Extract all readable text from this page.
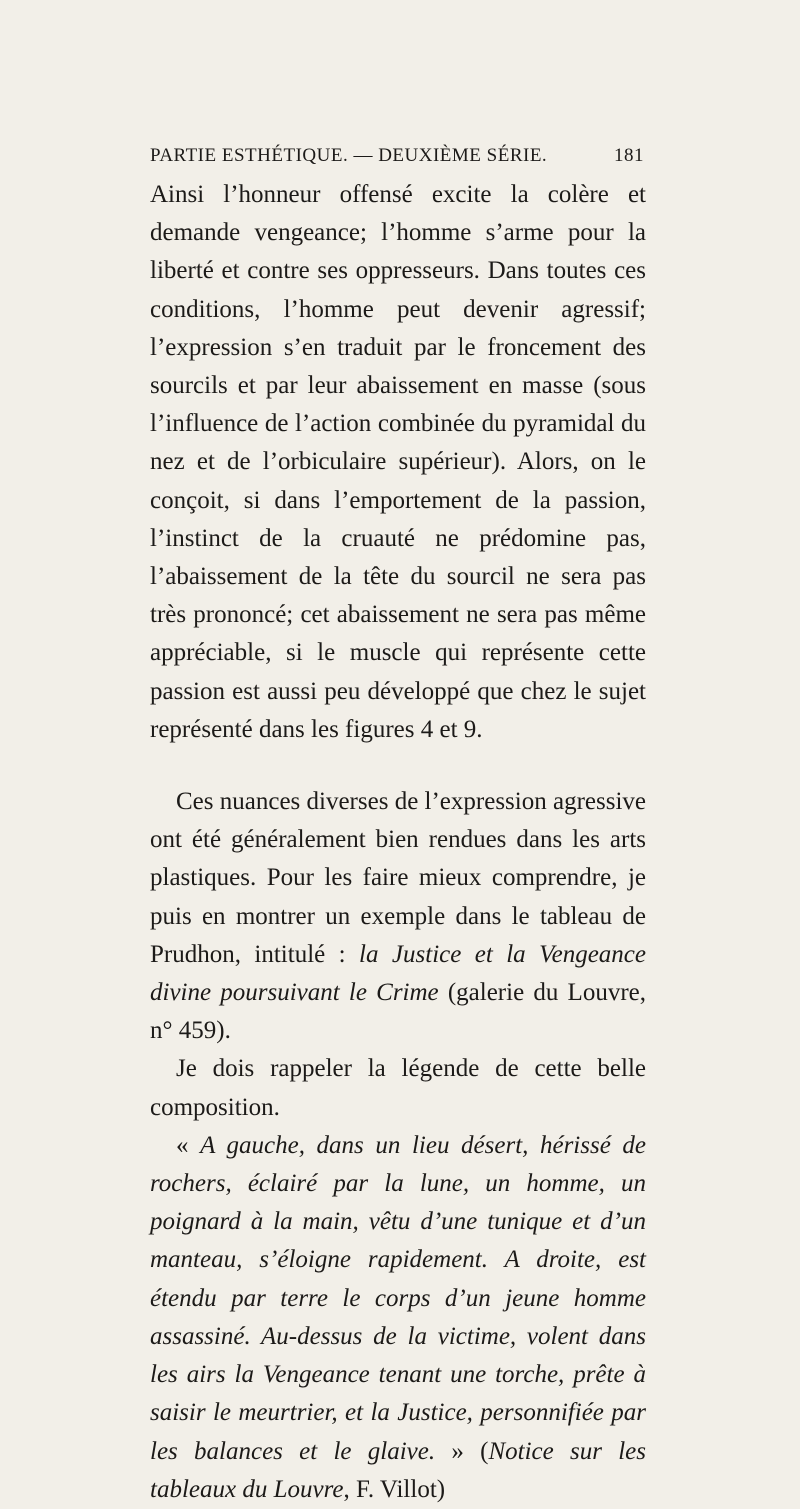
PARTIE ESTHÉTIQUE. — DEUXIÈME SÉRIE.	181

Ainsi l’honneur offensé excite la colère et demande vengeance; l’homme s’arme pour la liberté et contre ses oppresseurs. Dans toutes ces conditions, l’homme peut devenir agressif; l’expression s’en traduit par le froncement des sourcils et par leur abaissement en masse (sous l’influence de l’action combinée du pyramidal du nez et de l’orbiculaire supérieur). Alors, on le conçoit, si dans l’emportement de la passion, l’instinct de la cruauté ne prédomine pas, l’abaissement de la tête du sourcil ne sera pas très prononcé; cet abaissement ne sera pas même appréciable, si le muscle qui représente cette passion est aussi peu développé que chez le sujet représenté dans les figures 4 et 9.

Ces nuances diverses de l’expression agressive ont été généralement bien rendues dans les arts plastiques. Pour les faire mieux comprendre, je puis en montrer un exemple dans le tableau de Prudhon, intitulé : la Justice et la Vengeance divine poursuivant le Crime (galerie du Louvre, n° 459).

Je dois rappeler la légende de cette belle composition.

« A gauche, dans un lieu désert, hérissé de rochers, éclairé par la lune, un homme, un poignard à la main, vêtu d’une tunique et d’un manteau, s’éloigne rapidement. A droite, est étendu par terre le corps d’un jeune homme assassiné. Au-dessus de la victime, volent dans les airs la Vengeance tenant une torche, prête à saisir le meurtrier, et la Justice, personnifiée par les balances et le glaive. » (Notice sur les tableaux du Louvre, F. Villot)
